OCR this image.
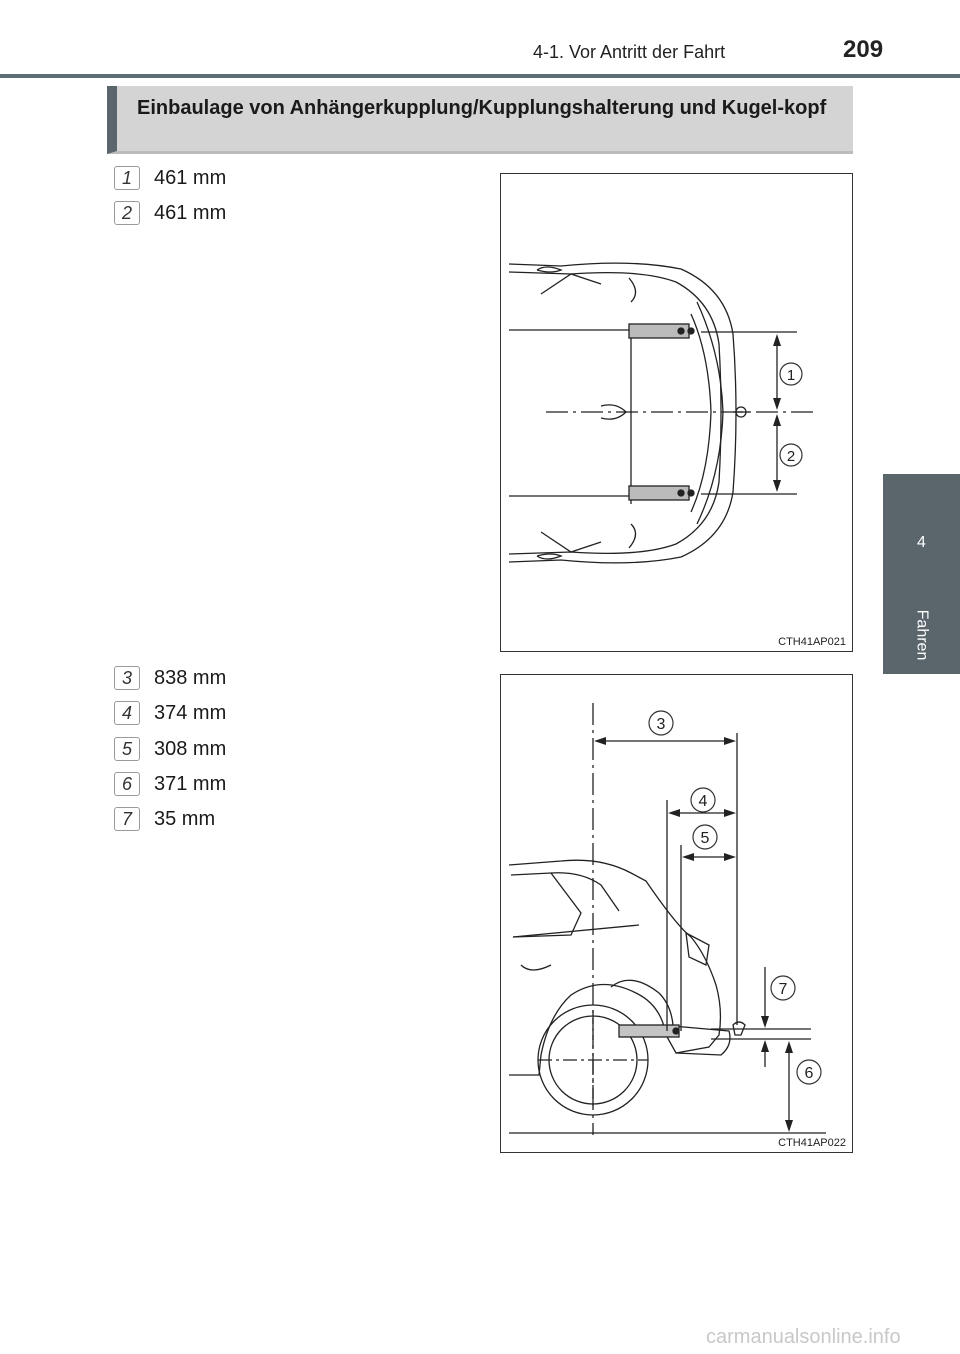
4-1. Vor Antritt der Fahrt	209
4
Fahren
Einbaulage von Anhängerkupplung/Kupplungshalterung und Kugel-kopf
1	461 mm
2	461 mm
1
2
CTH41AP021
3	838 mm
4	374 mm
5	308 mm
6	371 mm
7	35 mm
3
4
5
7
6
CTH41AP022
carmanualsonline.info
